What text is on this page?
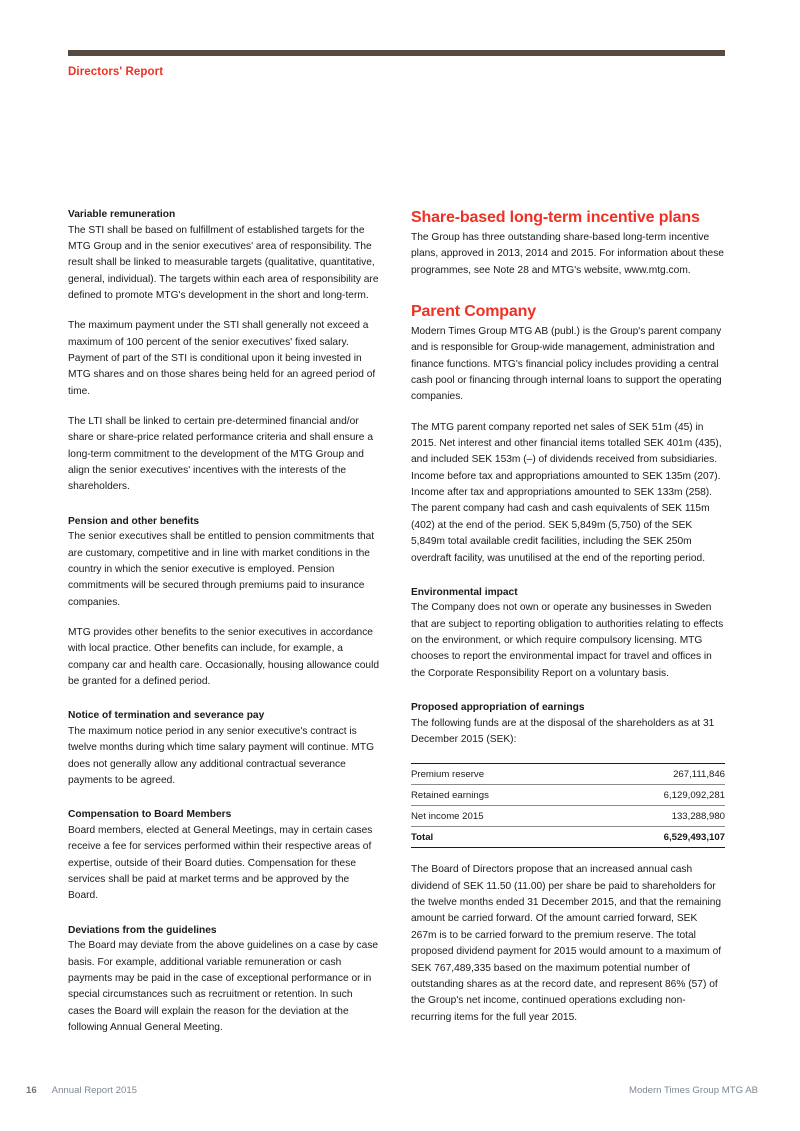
Directors' Report
Variable remuneration

The STI shall be based on fulfillment of established targets for the MTG Group and in the senior executives' area of responsibility. The result shall be linked to measurable targets (qualitative, quantitative, general, individual). The targets within each area of responsibility are defined to promote MTG's development in the short and long-term.

The maximum payment under the STI shall generally not exceed a maximum of 100 percent of the senior executives' fixed salary. Payment of part of the STI is conditional upon it being invested in MTG shares and on those shares being held for an agreed period of time.

The LTI shall be linked to certain pre-determined financial and/or share or share-price related performance criteria and shall ensure a long-term commitment to the development of the MTG Group and align the senior executives' incentives with the interests of the shareholders.

Pension and other benefits

The senior executives shall be entitled to pension commitments that are customary, competitive and in line with market conditions in the country in which the senior executive is employed. Pension commitments will be secured through premiums paid to insurance companies.

MTG provides other benefits to the senior executives in accordance with local practice. Other benefits can include, for example, a company car and health care. Occasionally, housing allowance could be granted for a defined period.

Notice of termination and severance pay

The maximum notice period in any senior executive's contract is twelve months during which time salary payment will continue. MTG does not generally allow any additional contractual severance payments to be agreed.

Compensation to Board Members

Board members, elected at General Meetings, may in certain cases receive a fee for services performed within their respective areas of expertise, outside of their Board duties. Compensation for these services shall be paid at market terms and be approved by the Board.

Deviations from the guidelines

The Board may deviate from the above guidelines on a case by case basis. For example, additional variable remuneration or cash payments may be paid in the case of exceptional performance or in special circumstances such as recruitment or retention. In such cases the Board will explain the reason for the deviation at the following Annual General Meeting.

Share-based long-term incentive plans

The Group has three outstanding share-based long-term incentive plans, approved in 2013, 2014 and 2015. For information about these programmes, see Note 28 and MTG's website, www.mtg.com.

Parent Company

Modern Times Group MTG AB (publ.) is the Group's parent company and is responsible for Group-wide management, administration and finance functions. MTG's financial policy includes providing a central cash pool or financing through internal loans to support the operating companies.

The MTG parent company reported net sales of SEK 51m (45) in 2015. Net interest and other financial items totalled SEK 401m (435), and included SEK 153m (–) of dividends received from subsidiaries. Income before tax and appropriations amounted to SEK 135m (207). Income after tax and appropriations amounted to SEK 133m (258). The parent company had cash and cash equivalents of SEK 115m (402) at the end of the period. SEK 5,849m (5,750) of the SEK 5,849m total available credit facilities, including the SEK 250m overdraft facility, was unutilised at the end of the reporting period.

Environmental impact

The Company does not own or operate any businesses in Sweden that are subject to reporting obligation to authorities relating to effects on the environment, or which require compulsory licensing. MTG chooses to report the environmental impact for travel and offices in the Corporate Responsibility Report on a voluntary basis.

Proposed appropriation of earnings

The following funds are at the disposal of the shareholders as at 31 December 2015 (SEK):

Premium reserve	267,111,846
Retained earnings	6,129,092,281
Net income 2015	133,288,980
Total	6,529,493,107

The Board of Directors propose that an increased annual cash dividend of SEK 11.50 (11.00) per share be paid to shareholders for the twelve months ended 31 December 2015, and that the remaining amount be carried forward. Of the amount carried forward, SEK 267m is to be carried forward to the premium reserve. The total proposed dividend payment for 2015 would amount to a maximum of SEK 767,489,335 based on the maximum potential number of outstanding shares as at the record date, and represent 86% (57) of the Group's net income, continued operations excluding non-recurring items for the full year 2015.

16 Annual Report 2015	Modern Times Group MTG AB
